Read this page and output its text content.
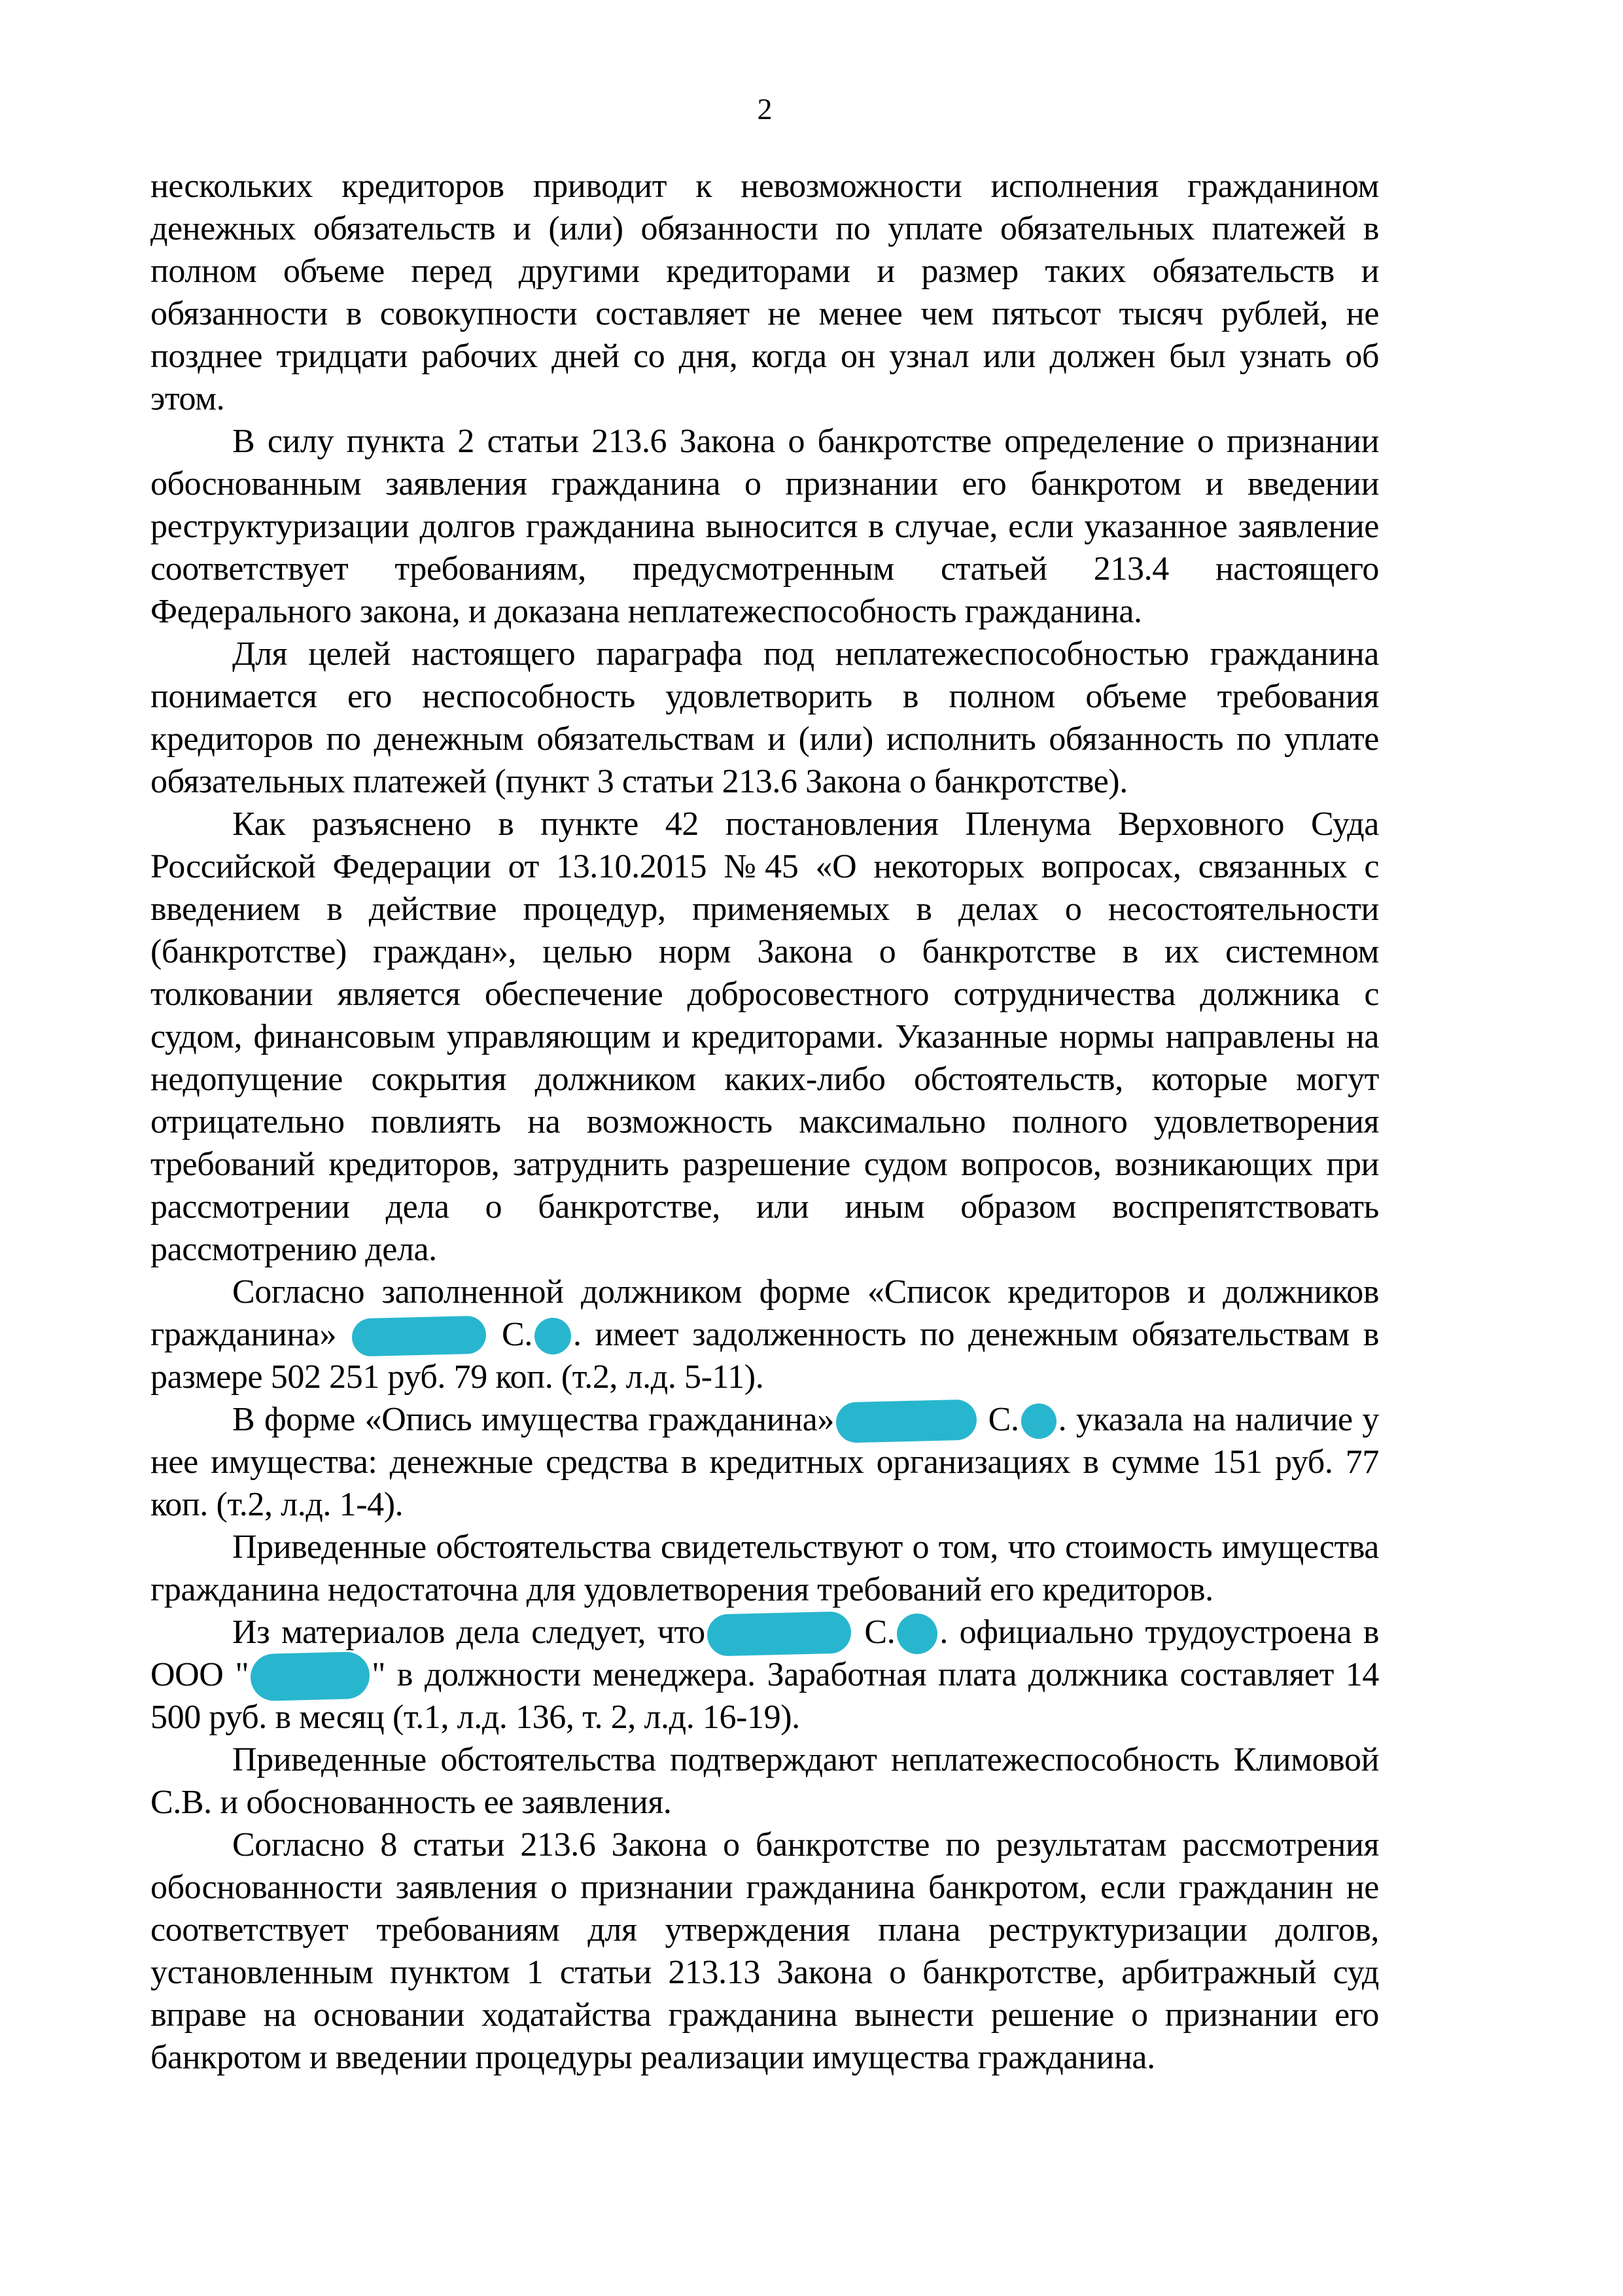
2

нескольких кредиторов приводит к невозможности исполнения гражданином денежных обязательств и (или) обязанности по уплате обязательных платежей в полном объеме перед другими кредиторами и размер таких обязательств и обязанности в совокупности составляет не менее чем пятьсот тысяч рублей, не позднее тридцати рабочих дней со дня, когда он узнал или должен был узнать об этом.

В силу пункта 2 статьи 213.6 Закона о банкротстве определение о признании обоснованным заявления гражданина о признании его банкротом и введении реструктуризации долгов гражданина выносится в случае, если указанное заявление соответствует требованиям, предусмотренным статьей 213.4 настоящего Федерального закона, и доказана неплатежеспособность гражданина.

Для целей настоящего параграфа под неплатежеспособностью гражданина понимается его неспособность удовлетворить в полном объеме требования кредиторов по денежным обязательствам и (или) исполнить обязанность по уплате обязательных платежей (пункт 3 статьи 213.6 Закона о банкротстве).

Как разъяснено в пункте 42 постановления Пленума Верховного Суда Российской Федерации от 13.10.2015 №45 «О некоторых вопросах, связанных с введением в действие процедур, применяемых в делах о несостоятельности (банкротстве) граждан», целью норм Закона о банкротстве в их системном толковании является обеспечение добросовестного сотрудничества должника с судом, финансовым управляющим и кредиторами. Указанные нормы направлены на недопущение сокрытия должником каких-либо обстоятельств, которые могут отрицательно повлиять на возможность максимально полного удовлетворения требований кредиторов, затруднить разрешение судом вопросов, возникающих при рассмотрении дела о банкротстве, или иным образом воспрепятствовать рассмотрению дела.

Согласно заполненной должником форме «Список кредиторов и должников гражданина»	С. . имеет задолженность по денежным обязательствам в размере 502 251 руб. 79 коп. (т.2, л.д. 5-11).

В форме «Опись имущества гражданина»	С. . указала на наличие у нее имущества: денежные средства в кредитных организациях в сумме 151 руб. 77 коп. (т.2, л.д. 1-4).

Приведенные обстоятельства свидетельствуют о том, что стоимость имущества гражданина недостаточна для удовлетворения требований его кредиторов.

Из материалов дела следует, что	С. . официально трудоустроена в ООО "	" в должности менеджера. Заработная плата должника составляет 14 500 руб. в месяц (т.1, л.д. 136, т. 2, л.д. 16-19).

Приведенные обстоятельства подтверждают неплатежеспособность Климовой С.В. и обоснованность ее заявления.

Согласно 8 статьи 213.6 Закона о банкротстве по результатам рассмотрения обоснованности заявления о признании гражданина банкротом, если гражданин не соответствует требованиям для утверждения плана реструктуризации долгов, установленным пунктом 1 статьи 213.13 Закона о банкротстве, арбитражный суд вправе на основании ходатайства гражданина вынести решение о признании его банкротом и введении процедуры реализации имущества гражданина.
